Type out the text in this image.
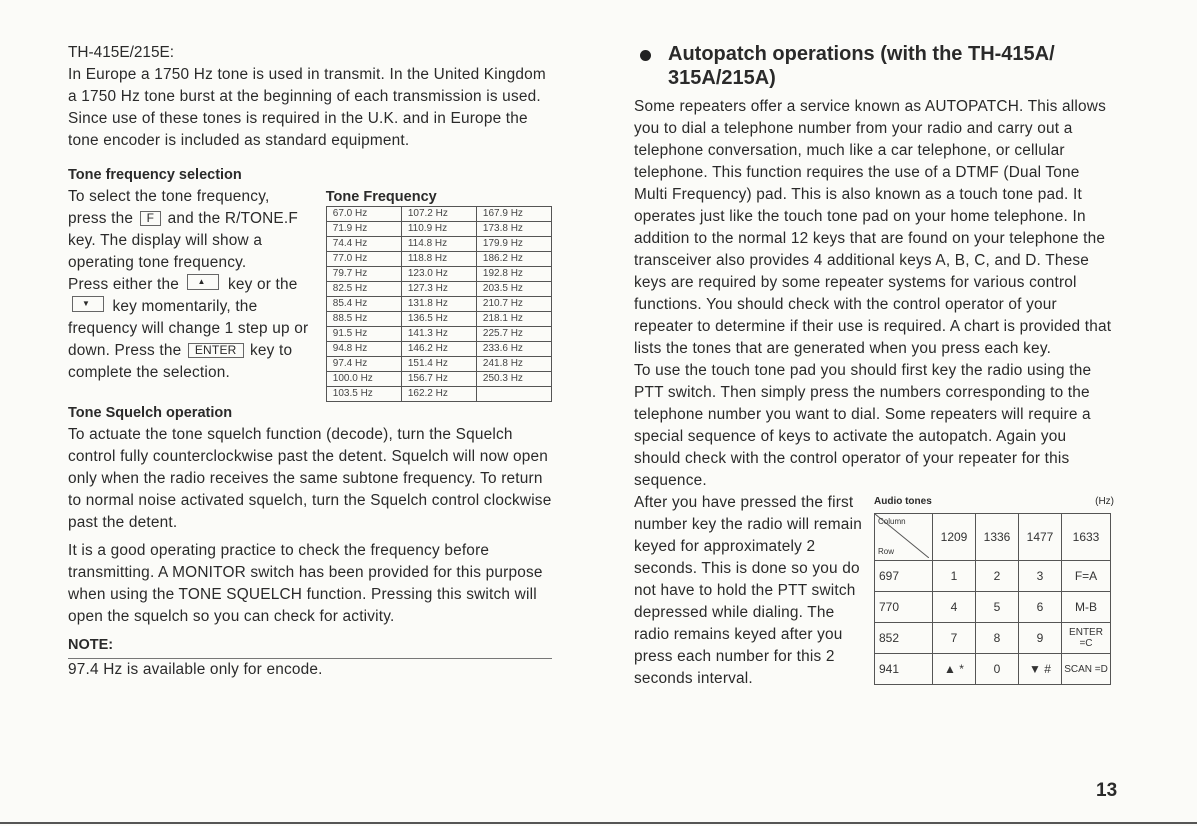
TH-415E/215E:

In Europe a 1750 Hz tone is used in transmit. In the United Kingdom a 1750 Hz tone burst at the beginning of each transmission is used. Since use of these tones is required in the U.K. and in Europe the tone encoder is included as standard equipment.

Tone frequency selection

To select the tone frequency, press the F and the R/TONE.F key. The display will show a operating tone frequency.

Press either the ▲ key or the
▼ key momentarily, the frequency will change 1 step up or down. Press the ENTER key to complete the selection.

Tone Frequency
67.0 Hz	107.2 Hz	167.9 Hz
71.9 Hz	110.9 Hz	173.8 Hz
74.4 Hz	114.8 Hz	179.9 Hz
77.0 Hz	118.8 Hz	186.2 Hz
79.7 Hz	123.0 Hz	192.8 Hz
82.5 Hz	127.3 Hz	203.5 Hz
85.4 Hz	131.8 Hz	210.7 Hz
88.5 Hz	136.5 Hz	218.1 Hz
91.5 Hz	141.3 Hz	225.7 Hz
94.8 Hz	146.2 Hz	233.6 Hz
97.4 Hz	151.4 Hz	241.8 Hz
100.0 Hz	156.7 Hz	250.3 Hz
103.5 Hz	162.2 Hz	

Tone Squelch operation

To actuate the tone squelch function (decode), turn the Squelch control fully counterclockwise past the detent. Squelch will now open only when the radio receives the same subtone frequency. To return to normal noise activated squelch, turn the Squelch control clockwise past the detent.

It is a good operating practice to check the frequency before transmitting. A MONITOR switch has been provided for this purpose when using the TONE SQUELCH function. Pressing this switch will open the squelch so you can check for activity.

NOTE:

97.4 Hz is available only for encode.

Autopatch operations (with the TH-415A/
315A/215A)

Some repeaters offer a service known as AUTOPATCH. This allows you to dial a telephone number from your radio and carry out a telephone conversation, much like a car telephone, or cellular telephone. This function requires the use of a DTMF (Dual Tone Multi Frequency) pad. This is also known as a touch tone pad. It operates just like the touch tone pad on your home telephone. In addition to the normal 12 keys that are found on your telephone the transceiver also provides 4 additional keys A, B, C, and D. These keys are required by some repeater systems for various control functions. You should check with the control operator of your repeater to determine if their use is required. A chart is provided that lists the tones that are generated when you press each key.

To use the touch tone pad you should first key the radio using the PTT switch. Then simply press the numbers corresponding to the telephone number you want to dial. Some repeaters will require a special sequence of keys to activate the autopatch. Again you should check with the control operator of your repeater for this sequence.

After you have pressed the first number key the radio will remain keyed for approximately 2 seconds. This is done so you do not have to hold the PTT switch depressed while dialing. The radio remains keyed after you press each number for this 2 seconds interval.

Audio tones	(Hz)
Column
Row	1209	1336	1477	1633
697	1	2	3	F=A
770	4	5	6	M-B
852	7	8	9	ENTER =C
941	▲ *	0	▼ #	SCAN =D
13
